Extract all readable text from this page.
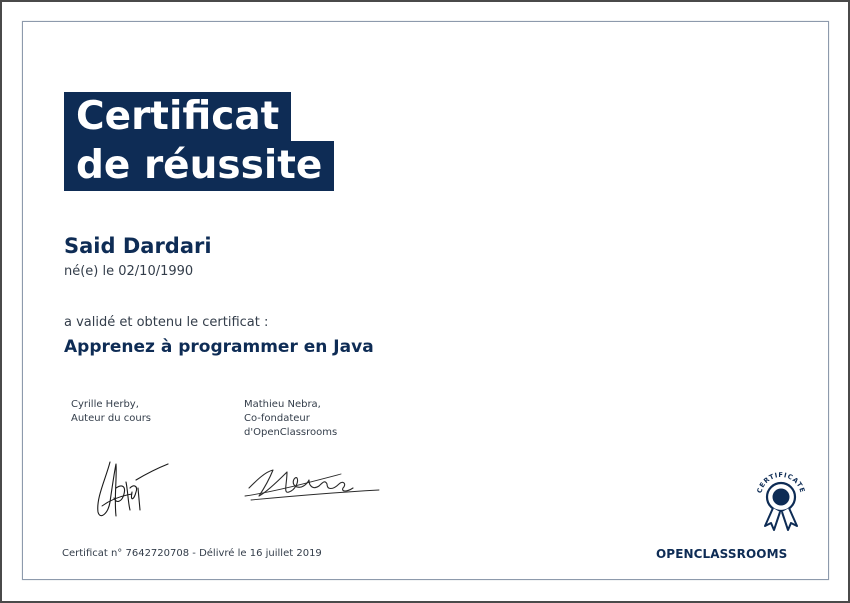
Certificat
de réussite
Said Dardari
né(e) le 02/10/1990
a validé et obtenu le certificat :
Apprenez à programmer en Java
Cyrille Herby,
Auteur du cours
Mathieu Nebra,
Co-fondateur
d'OpenClassrooms
Certificat n° 7642720708 - Délivré le 16 juillet 2019
CERTIFICATE
OPENCLASSROOMS
